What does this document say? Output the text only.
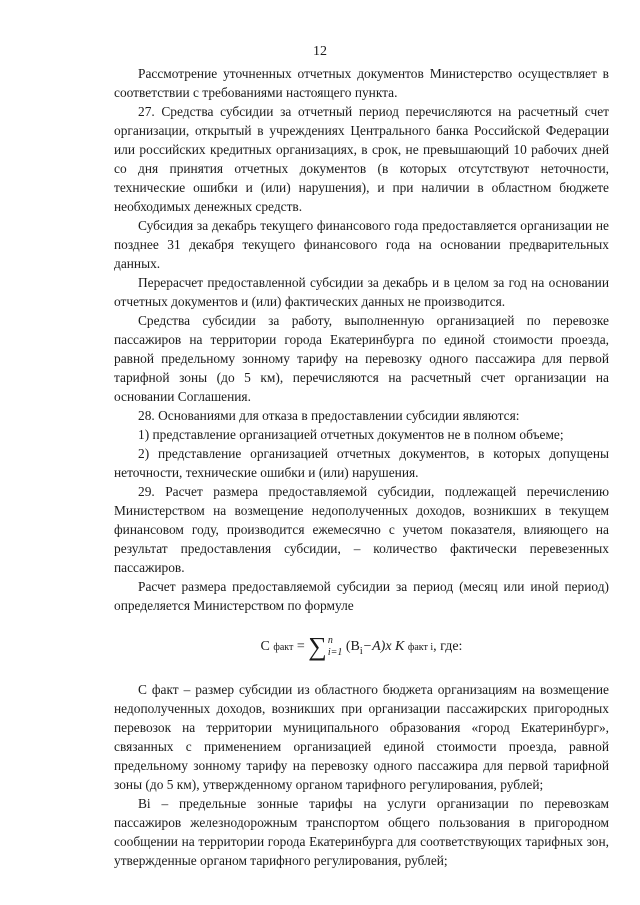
12

Рассмотрение уточненных отчетных документов Министерство осуществляет в соответствии с требованиями настоящего пункта.

27. Средства субсидии за отчетный период перечисляются на расчетный счет организации, открытый в учреждениях Центрального банка Российской Федерации или российских кредитных организациях, в срок, не превышающий 10 рабочих дней со дня принятия отчетных документов (в которых отсутствуют неточности, технические ошибки и (или) нарушения), и при наличии в областном бюджете необходимых денежных средств.

Субсидия за декабрь текущего финансового года предоставляется организации не позднее 31 декабря текущего финансового года на основании предварительных данных.

Перерасчет предоставленной субсидии за декабрь и в целом за год на основании отчетных документов и (или) фактических данных не производится.

Средства субсидии за работу, выполненную организацией по перевозке пассажиров на территории города Екатеринбурга по единой стоимости проезда, равной предельному зонному тарифу на перевозку одного пассажира для первой тарифной зоны (до 5 км), перечисляются на расчетный счет организации на основании Соглашения.

28. Основаниями для отказа в предоставлении субсидии являются:

1) представление организацией отчетных документов не в полном объеме;

2) представление организацией отчетных документов, в которых допущены неточности, технические ошибки и (или) нарушения.

29. Расчет размера предоставляемой субсидии, подлежащей перечислению Министерством на возмещение недополученных доходов, возникших в текущем финансовом году, производится ежемесячно с учетом показателя, влияющего на результат предоставления субсидии, – количество фактически перевезенных пассажиров.

Расчет размера предоставляемой субсидии за период (месяц или иной период) определяется Министерством по формуле

С факт = ∑n
i=1 $(В_i-A)x$ K факт i, где:

С факт – размер субсидии из областного бюджета организациям на возмещение недополученных доходов, возникших при организации пассажирских пригородных перевозок на территории муниципального образования «город Екатеринбург», связанных с применением организацией единой стоимости проезда, равной предельному зонному тарифу на перевозку одного пассажира для первой тарифной зоны (до 5 км), утвержденному органом тарифного регулирования, рублей;

Вi – предельные зонные тарифы на услуги организации по перевозкам пассажиров железнодорожным транспортом общего пользования в пригородном сообщении на территории города Екатеринбурга для соответствующих тарифных зон, утвержденные органом тарифного регулирования, рублей;
